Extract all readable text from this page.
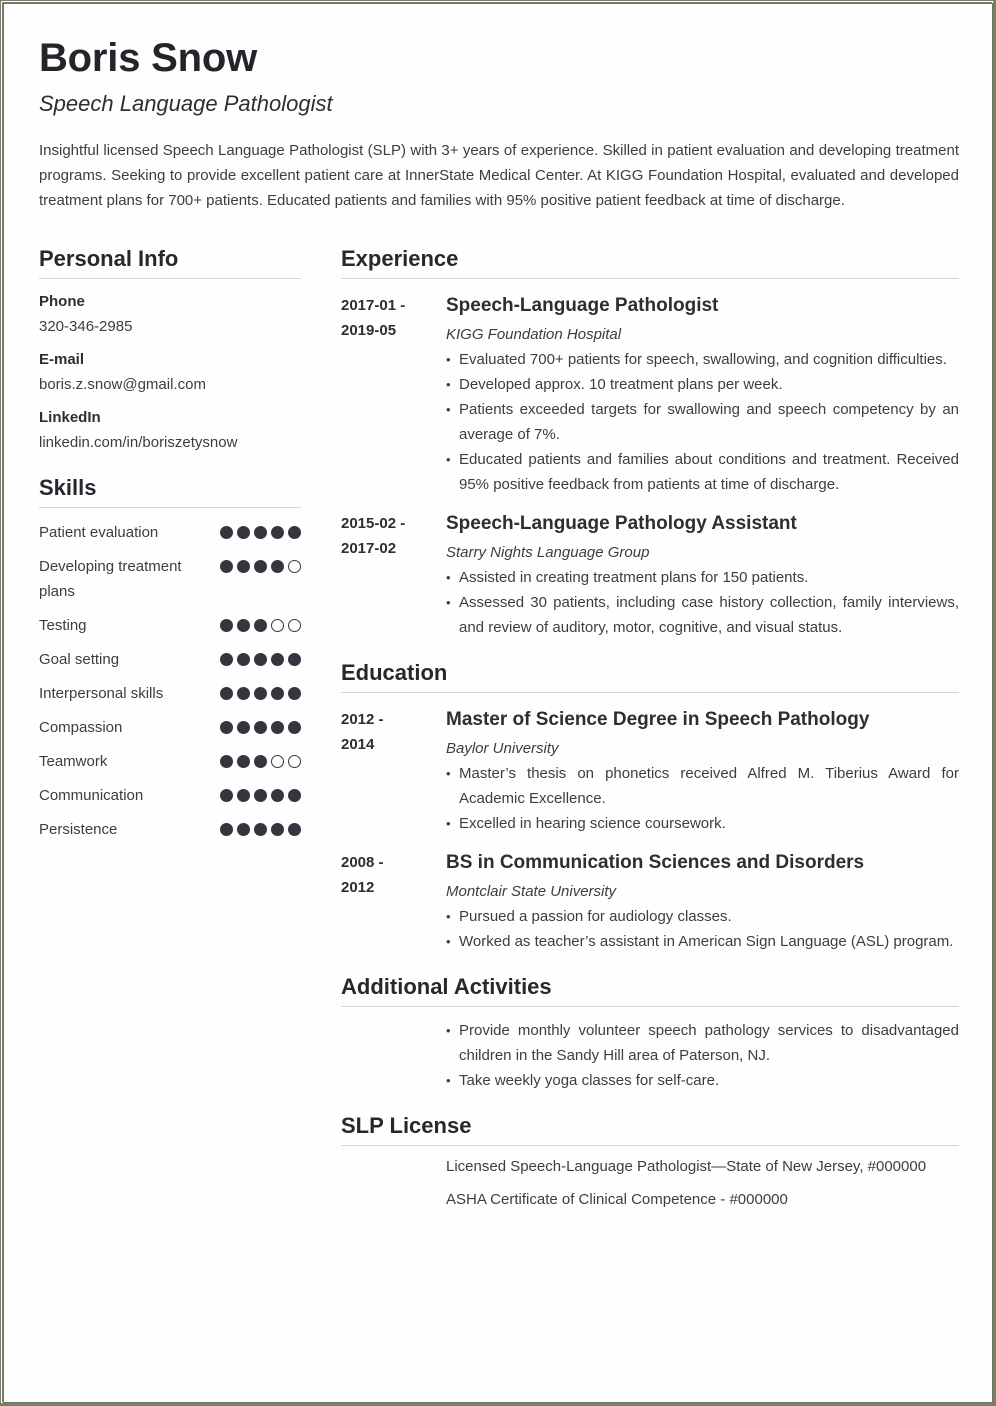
Boris Snow
Speech Language Pathologist
Insightful licensed Speech Language Pathologist (SLP) with 3+ years of experience. Skilled in patient evaluation and developing treatment programs. Seeking to provide excellent patient care at InnerState Medical Center. At KIGG Foundation Hospital, evaluated and developed treatment plans for 700+ patients. Educated patients and families with 95% positive patient feedback at time of discharge.
Personal Info
Phone
320-346-2985
E-mail
boris.z.snow@gmail.com
LinkedIn
linkedin.com/in/boriszetysnow
Skills
Patient evaluation
Developing treatment plans
Testing
Goal setting
Interpersonal skills
Compassion
Teamwork
Communication
Persistence
Experience
2017-01 -
2019-05
Speech-Language Pathologist
KIGG Foundation Hospital
• Evaluated 700+ patients for speech, swallowing, and cognition difficulties.
• Developed approx. 10 treatment plans per week.
• Patients exceeded targets for swallowing and speech competency by an average of 7%.
• Educated patients and families about conditions and treatment. Received 95% positive feedback from patients at time of discharge.
2015-02 -
2017-02
Speech-Language Pathology Assistant
Starry Nights Language Group
• Assisted in creating treatment plans for 150 patients.
• Assessed 30 patients, including case history collection, family interviews, and review of auditory, motor, cognitive, and visual status.
Education
2012 -
2014
Master of Science Degree in Speech Pathology
Baylor University
• Master’s thesis on phonetics received Alfred M. Tiberius Award for Academic Excellence.
• Excelled in hearing science coursework.
2008 -
2012
BS in Communication Sciences and Disorders
Montclair State University
• Pursued a passion for audiology classes.
• Worked as teacher’s assistant in American Sign Language (ASL) program.
Additional Activities
• Provide monthly volunteer speech pathology services to disadvantaged children in the Sandy Hill area of Paterson, NJ.
• Take weekly yoga classes for self-care.
SLP License
Licensed Speech-Language Pathologist—State of New Jersey, #000000
ASHA Certificate of Clinical Competence - #000000
